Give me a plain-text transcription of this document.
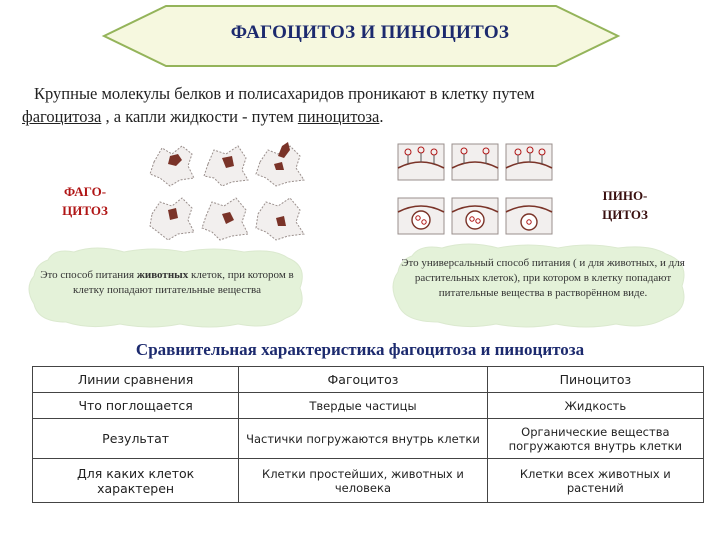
ФАГОЦИТОЗ И ПИНОЦИТОЗ
Крупные молекулы белков и полисахаридов проникают в клетку путем
фагоцитоза , а капли жидкости - путем пиноцитоза.
ФАГО-
ЦИТОЗ
ПИНО-
ЦИТОЗ
Это способ питания животных клеток, при котором в клетку попадают питательные вещества
Это универсальный способ питания ( и для животных, и для растительных клеток), при котором в клетку попадают питательные вещества в растворённом виде.
Сравнительная характеристика фагоцитоза и пиноцитоза
Линии сравнения	Фагоцитоз	Пиноцитоз
Что поглощается	Твердые частицы	Жидкость
Результат	Частички погружаются внутрь клетки	Органические вещества погружаются внутрь клетки
Для каких клеток характерен	Клетки простейших, животных и человека	Клетки всех животных и растений
